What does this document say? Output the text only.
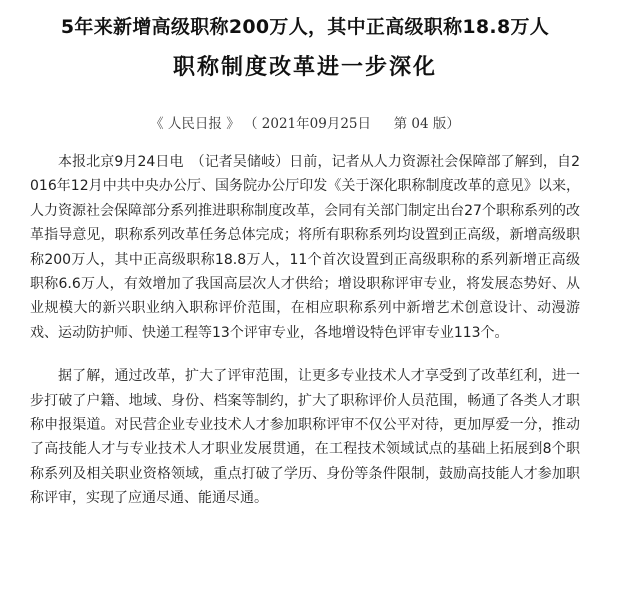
5年来新增高级职称200万人，其中正高级职称18.8万人
职称制度改革进一步深化
《 人民日报 》 （ 2021年09月25日 第 04 版）

本报北京9月24日电　（记者吴储岐）日前，记者从人力资源社会保障部了解到，自2016年12月中共中央办公厅、国务院办公厅印发《关于深化职称制度改革的意见》以来，人力资源社会保障部分系列推进职称制度改革，会同有关部门制定出台27个职称系列的改革指导意见，职称系列改革任务总体完成；将所有职称系列均设置到正高级，新增高级职称200万人，其中正高级职称18.8万人，11个首次设置到正高级职称的系列新增正高级职称6.6万人，有效增加了我国高层次人才供给；增设职称评审专业，将发展态势好、从业规模大的新兴职业纳入职称评价范围，在相应职称系列中新增艺术创意设计、动漫游戏、运动防护师、快递工程等13个评审专业，各地增设特色评审专业113个。

据了解，通过改革，扩大了评审范围，让更多专业技术人才享受到了改革红利，进一步打破了户籍、地域、身份、档案等制约，扩大了职称评价人员范围，畅通了各类人才职称申报渠道。对民营企业专业技术人才参加职称评审不仅公平对待，更加厚爱一分，推动了高技能人才与专业技术人才职业发展贯通，在工程技术领域试点的基础上拓展到8个职称系列及相关职业资格领域，重点打破了学历、身份等条件限制，鼓励高技能人才参加职称评审，实现了应通尽通、能通尽通。
